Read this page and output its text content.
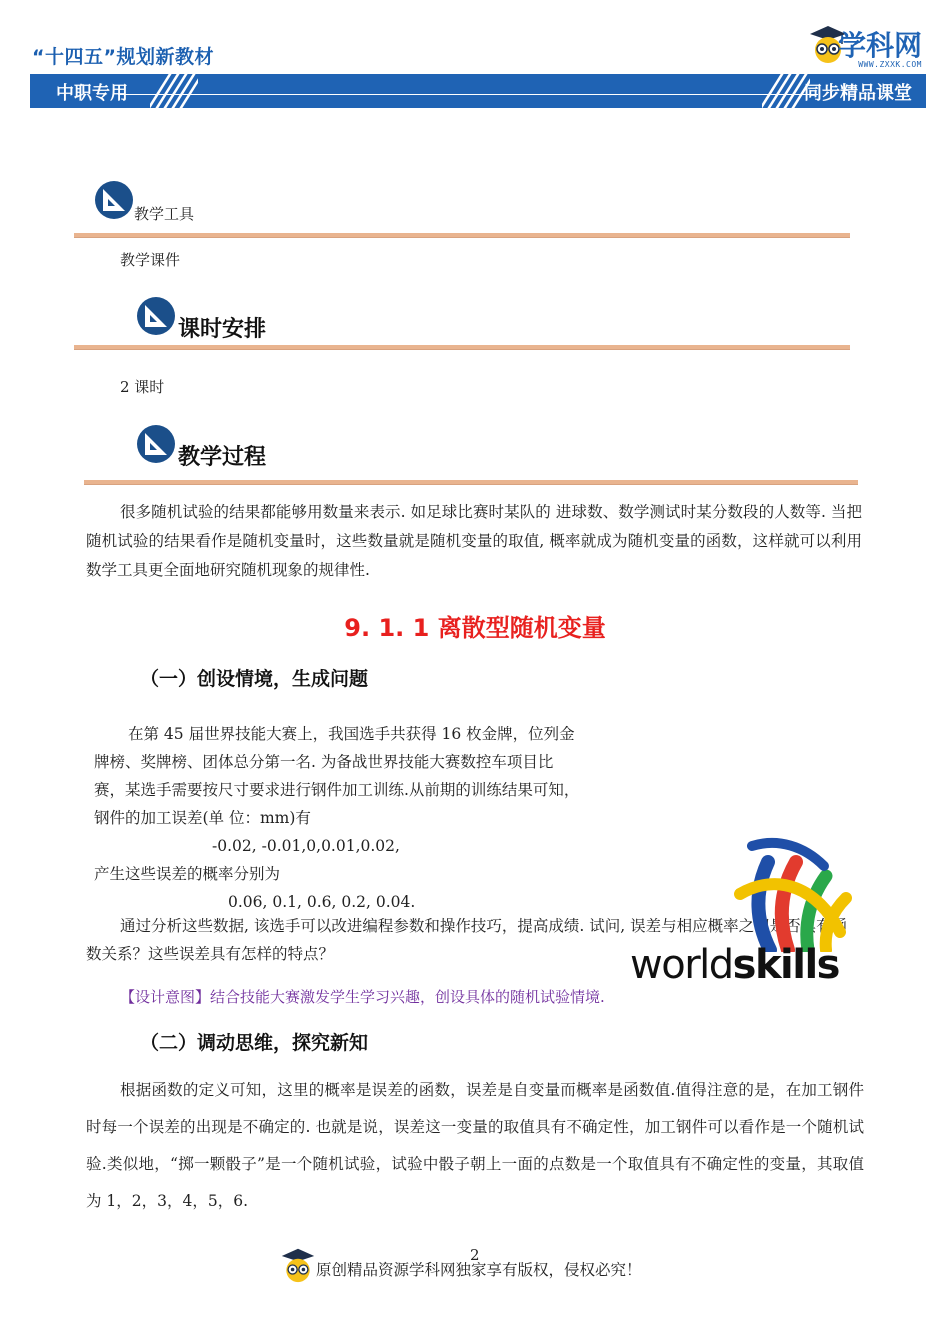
“十四五”规划新教材
中职专用	同步精品课堂
学科网
WWW.ZXXK.COM
教学工具
教学课件
课时安排
2 课时
教学过程
很多随机试验的结果都能够用数量来表示. 如足球比赛时某队的 进球数、数学测试时某分数段的人数等. 当把随机试验的结果看作是随机变量时，这些数量就是随机变量的取值, 概率就成为随机变量的函数，这样就可以利用数学工具更全面地研究随机现象的规律性.
9. 1. 1 离散型随机变量
（一）创设情境，生成问题

在第 45 届世界技能大赛上，我国选手共获得 16 枚金牌，位列金

牌榜、奖牌榜、团体总分第一名. 为备战世界技能大赛数控车项目比

赛，某选手需要按尺寸要求进行钢件加工训练.从前期的训练结果可知，

钢件的加工误差(单 位：mm)有

-0.02, -0.01,0,0.01,0.02,

产生这些误差的概率分别为

0.06, 0.1, 0.6, 0.2, 0.04.

通过分析这些数据, 该选手可以改进编程参数和操作技巧，提高成绩. 试问, 误差与相应概率之间是否具有函数关系？这些误差具有怎样的特点？	worldskills
【设计意图】结合技能大赛激发学生学习兴趣，创设具体的随机试验情境.
（二）调动思维，探究新知
根据函数的定义可知，这里的概率是误差的函数，误差是自变量而概率是函数值.值得注意的是，在加工钢件时每一个误差的出现是不确定的. 也就是说，误差这一变量的取值具有不确定性，加工钢件可以看作是一个随机试验.类似地，“掷一颗骰子”是一个随机试验，试验中骰子朝上一面的点数是一个取值具有不确定性的变量，其取值为 1，2，3，4，5，6.
2
原创精品资源学科网独家享有版权，侵权必究！
